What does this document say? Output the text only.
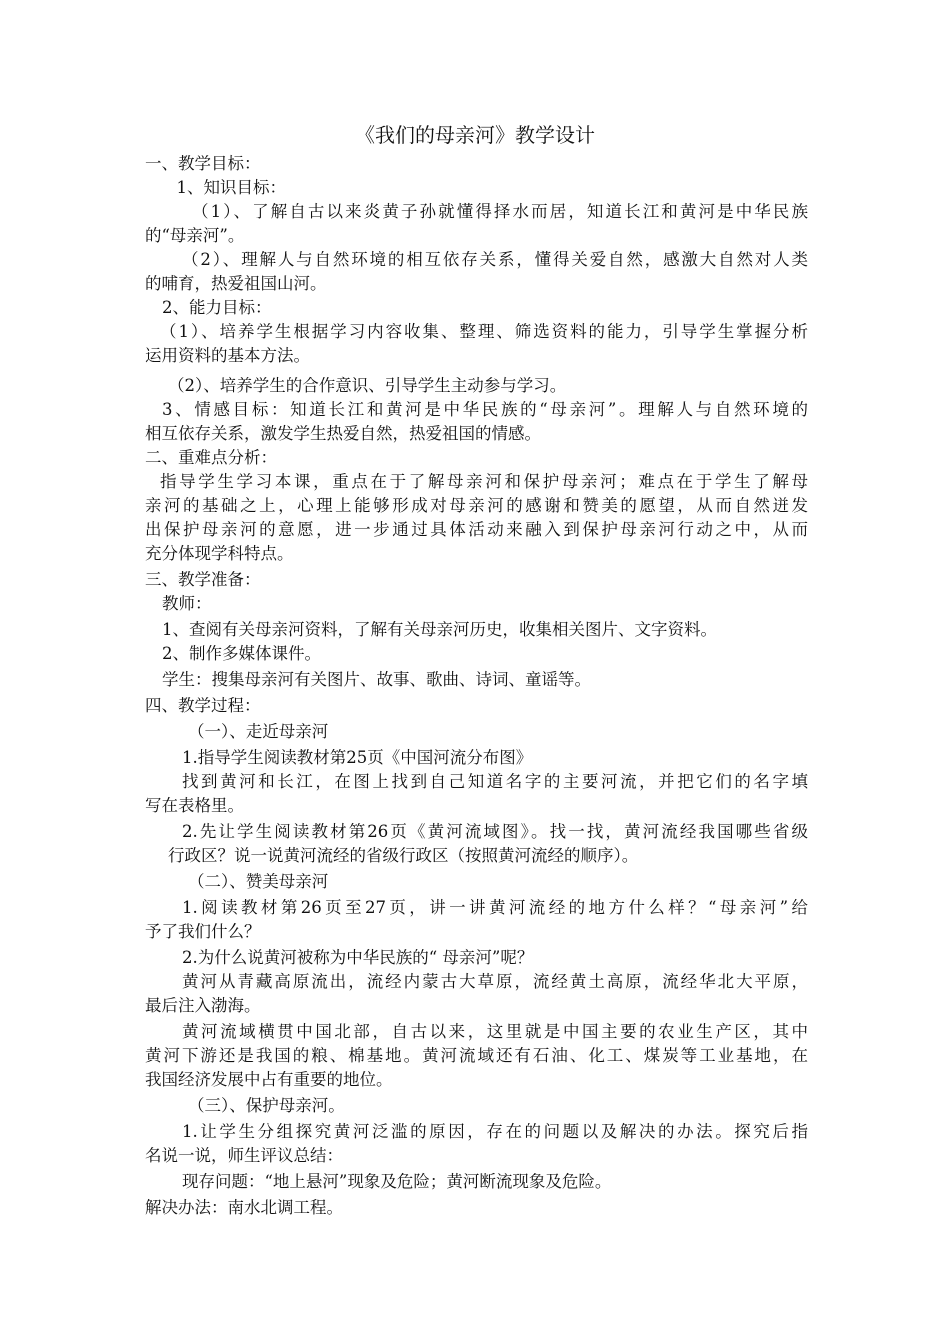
《我们的母亲河》教学设计
一、教学目标：
1、知识目标：
（1）、了解自古以来炎黄子孙就懂得择水而居，知道长江和黄河是中华民族
的“母亲河”。
（2）、理解人与自然环境的相互依存关系，懂得关爱自然，感激大自然对人类
的哺育，热爱祖国山河。
2、能力目标：
（1）、培养学生根据学习内容收集、整理、筛选资料的能力，引导学生掌握分析
运用资料的基本方法。
（2）、培养学生的合作意识、引导学生主动参与学习。
3、情感目标：知道长江和黄河是中华民族的“母亲河”。理解人与自然环境的
相互依存关系，激发学生热爱自然，热爱祖国的情感。
二、重难点分析：
指导学生学习本课，重点在于了解母亲河和保护母亲河；难点在于学生了解母
亲河的基础之上，心理上能够形成对母亲河的感谢和赞美的愿望，从而自然迸发
出保护母亲河的意愿，进一步通过具体活动来融入到保护母亲河行动之中，从而
充分体现学科特点。
三、教学准备：
教师：
1、查阅有关母亲河资料，了解有关母亲河历史，收集相关图片、文字资料。
2、制作多媒体课件。
学生：搜集母亲河有关图片、故事、歌曲、诗词、童谣等。
四、教学过程：
（一）、走近母亲河
1.指导学生阅读教材第25页《中国河流分布图》
找到黄河和长江，在图上找到自己知道名字的主要河流，并把它们的名字填
写在表格里。
2.先让学生阅读教材第26页《黄河流域图》。找一找，黄河流经我国哪些省级
行政区？说一说黄河流经的省级行政区（按照黄河流经的顺序）。
（二）、赞美母亲河
1.阅读教材第26页至27页，讲一讲黄河流经的地方什么样？“母亲河”给
予了我们什么？
2.为什么说黄河被称为中华民族的“ 母亲河”呢？
黄河从青藏高原流出，流经内蒙古大草原，流经黄土高原，流经华北大平原，
最后注入渤海。
黄河流域横贯中国北部，自古以来，这里就是中国主要的农业生产区，其中
黄河下游还是我国的粮、棉基地。黄河流域还有石油、化工、煤炭等工业基地，在
我国经济发展中占有重要的地位。
（三）、保护母亲河。
1.让学生分组探究黄河泛滥的原因，存在的问题以及解决的办法。探究后指
名说一说，师生评议总结：
现存问题：“地上悬河”现象及危险；黄河断流现象及危险。
解决办法：南水北调工程。
